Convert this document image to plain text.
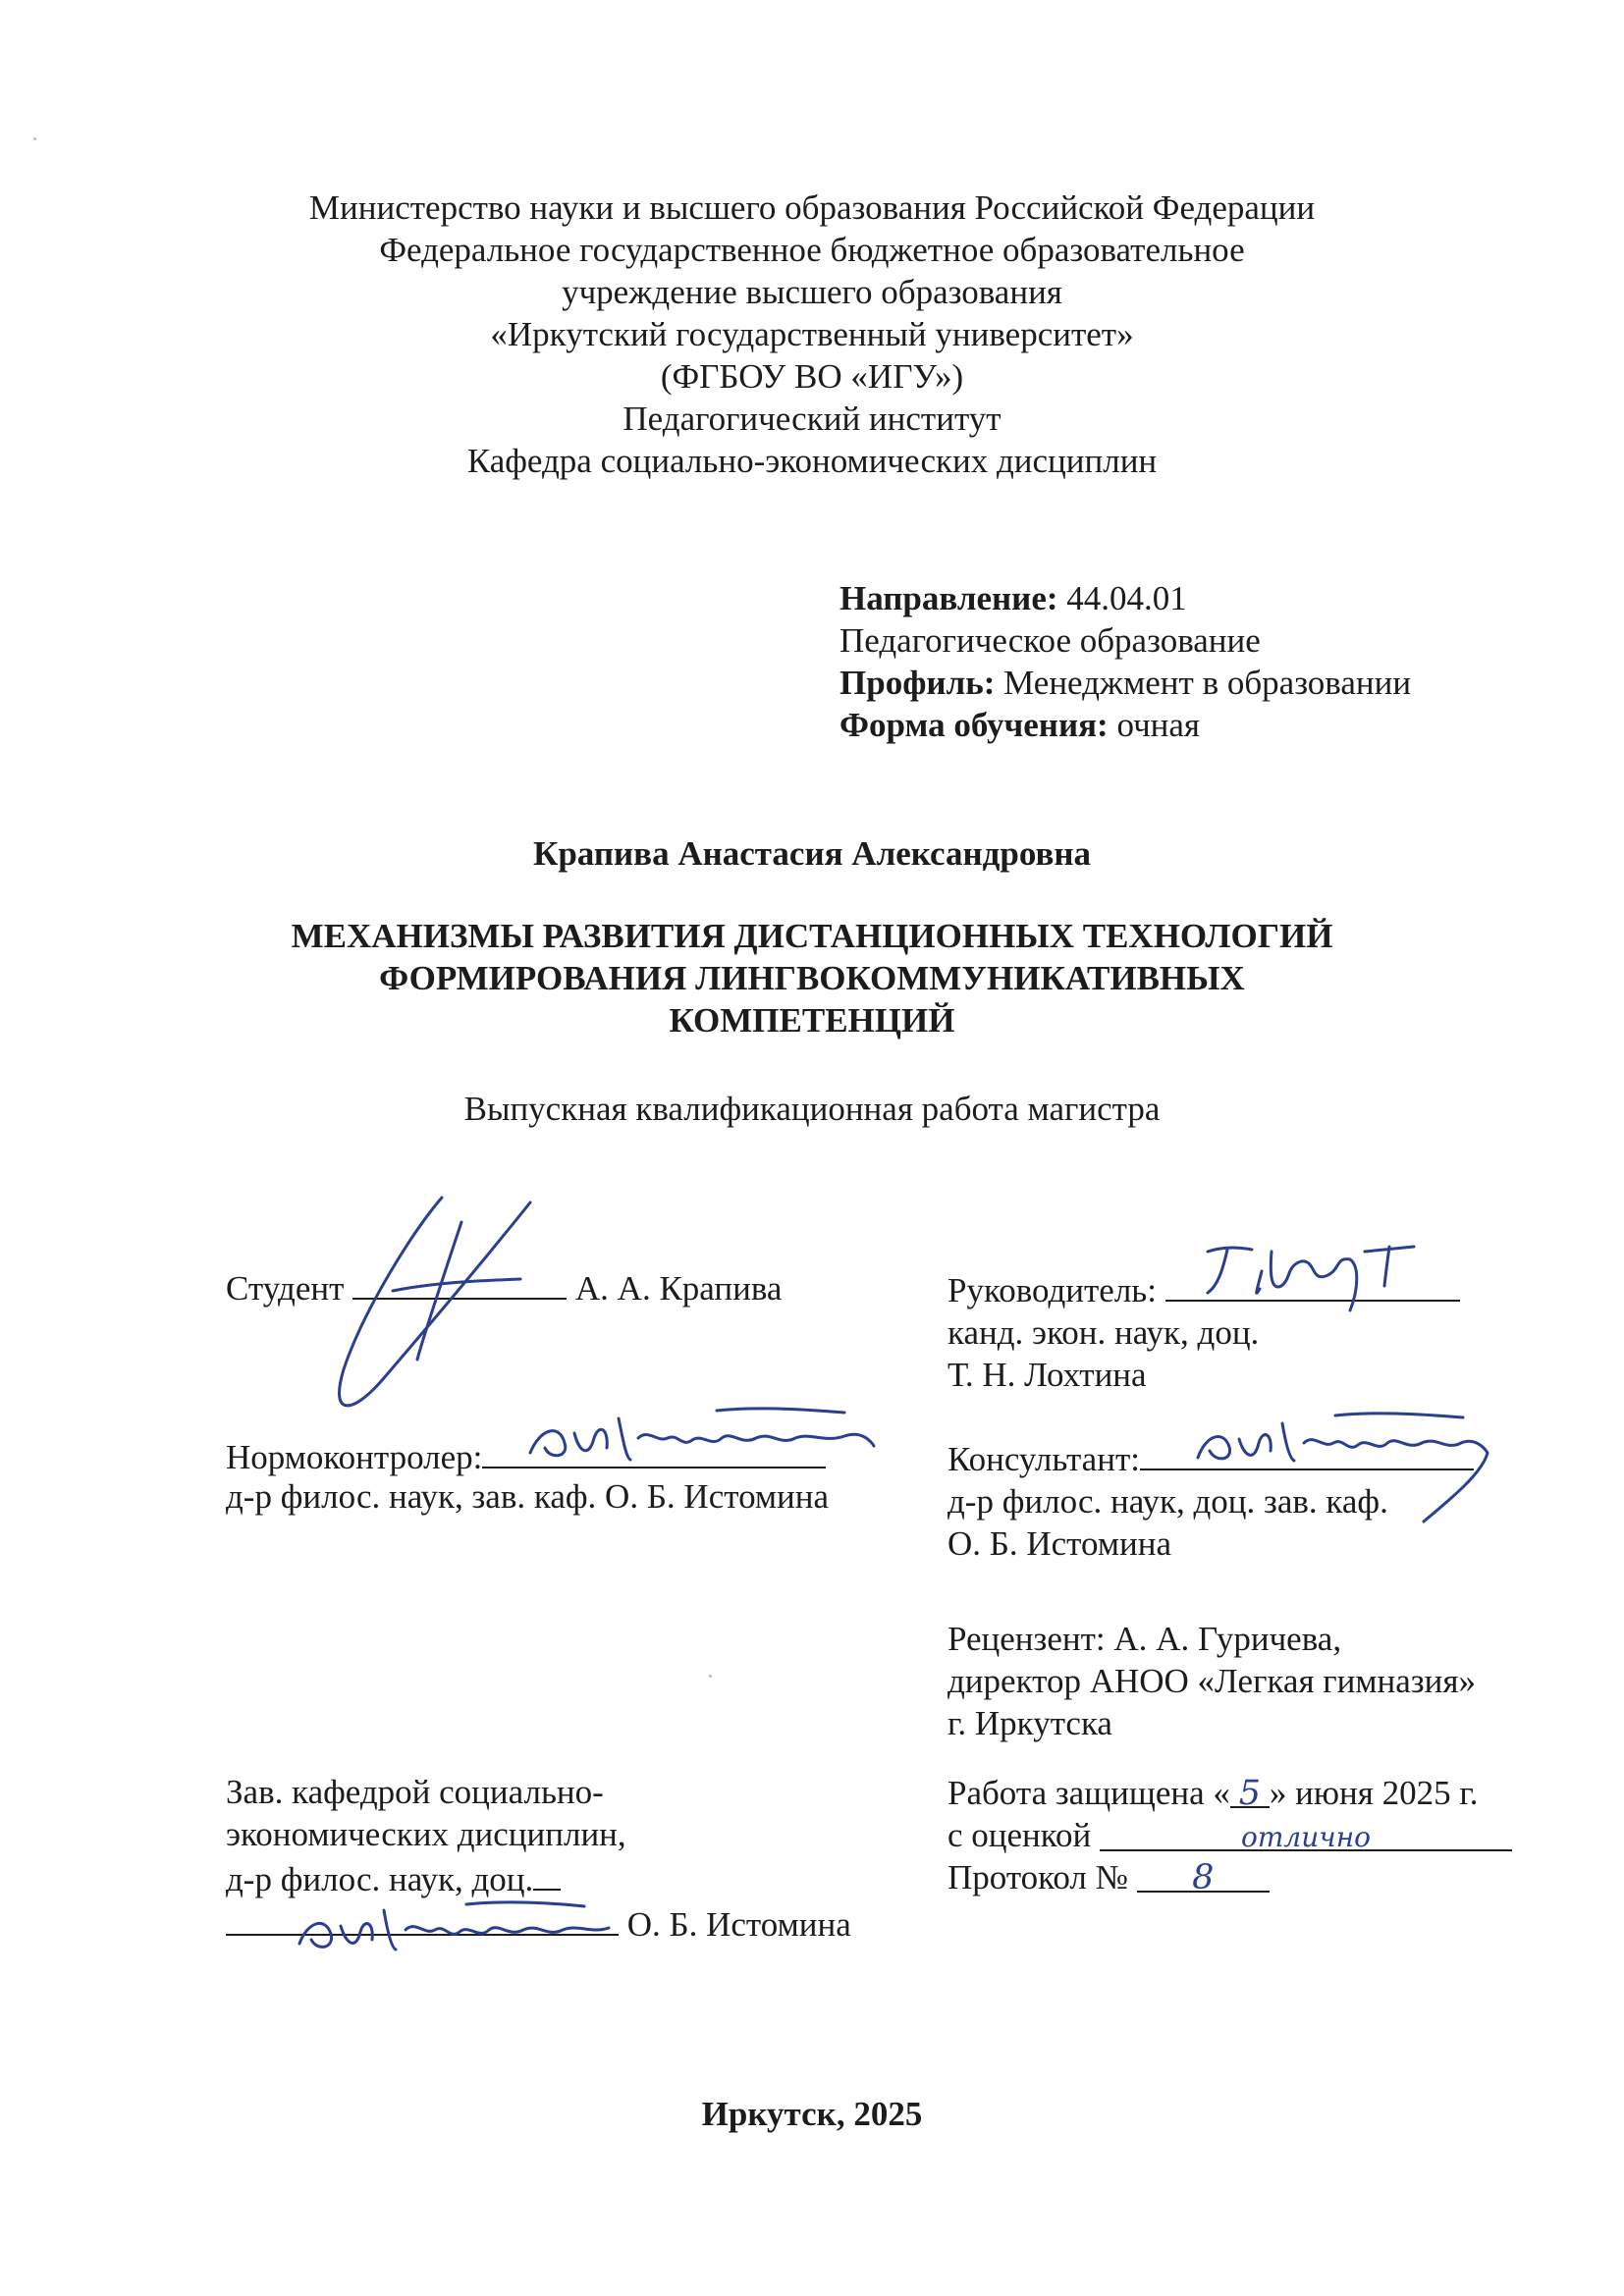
Министерство науки и высшего образования Российской Федерации
Федеральное государственное бюджетное образовательное
учреждение высшего образования
«Иркутский государственный университет»
(ФГБОУ ВО «ИГУ»)
Педагогический институт
Кафедра социально-экономических дисциплин
Направление: 44.04.01
Педагогическое образование
Профиль: Менеджмент в образовании
Форма обучения: очная
Крапива Анастасия Александровна
МЕХАНИЗМЫ РАЗВИТИЯ ДИСТАНЦИОННЫХ ТЕХНОЛОГИЙ
ФОРМИРОВАНИЯ ЛИНГВОКОММУНИКАТИВНЫХ
КОМПЕТЕНЦИЙ
Выпускная квалификационная работа магистра
Студент	А. А. Крапива
Нормоконтролер:
д-р филос. наук, зав. каф. О. Б. Истомина
Зав. кафедрой социально-
экономических дисциплин,
д-р филос. наук, доц.
О. Б. Истомина
Руководитель:
канд. экон. наук, доц.
Т. Н. Лохтина
Консультант:
д-р филос. наук, доц. зав. каф.
О. Б. Истомина
Рецензент: А. А. Гуричева,
директор АНОО «Легкая гимназия»
г. Иркутска
Работа защищена « 5 » июня 2025 г.
с оценкой	отлично
Протокол № 8
Иркутск, 2025
